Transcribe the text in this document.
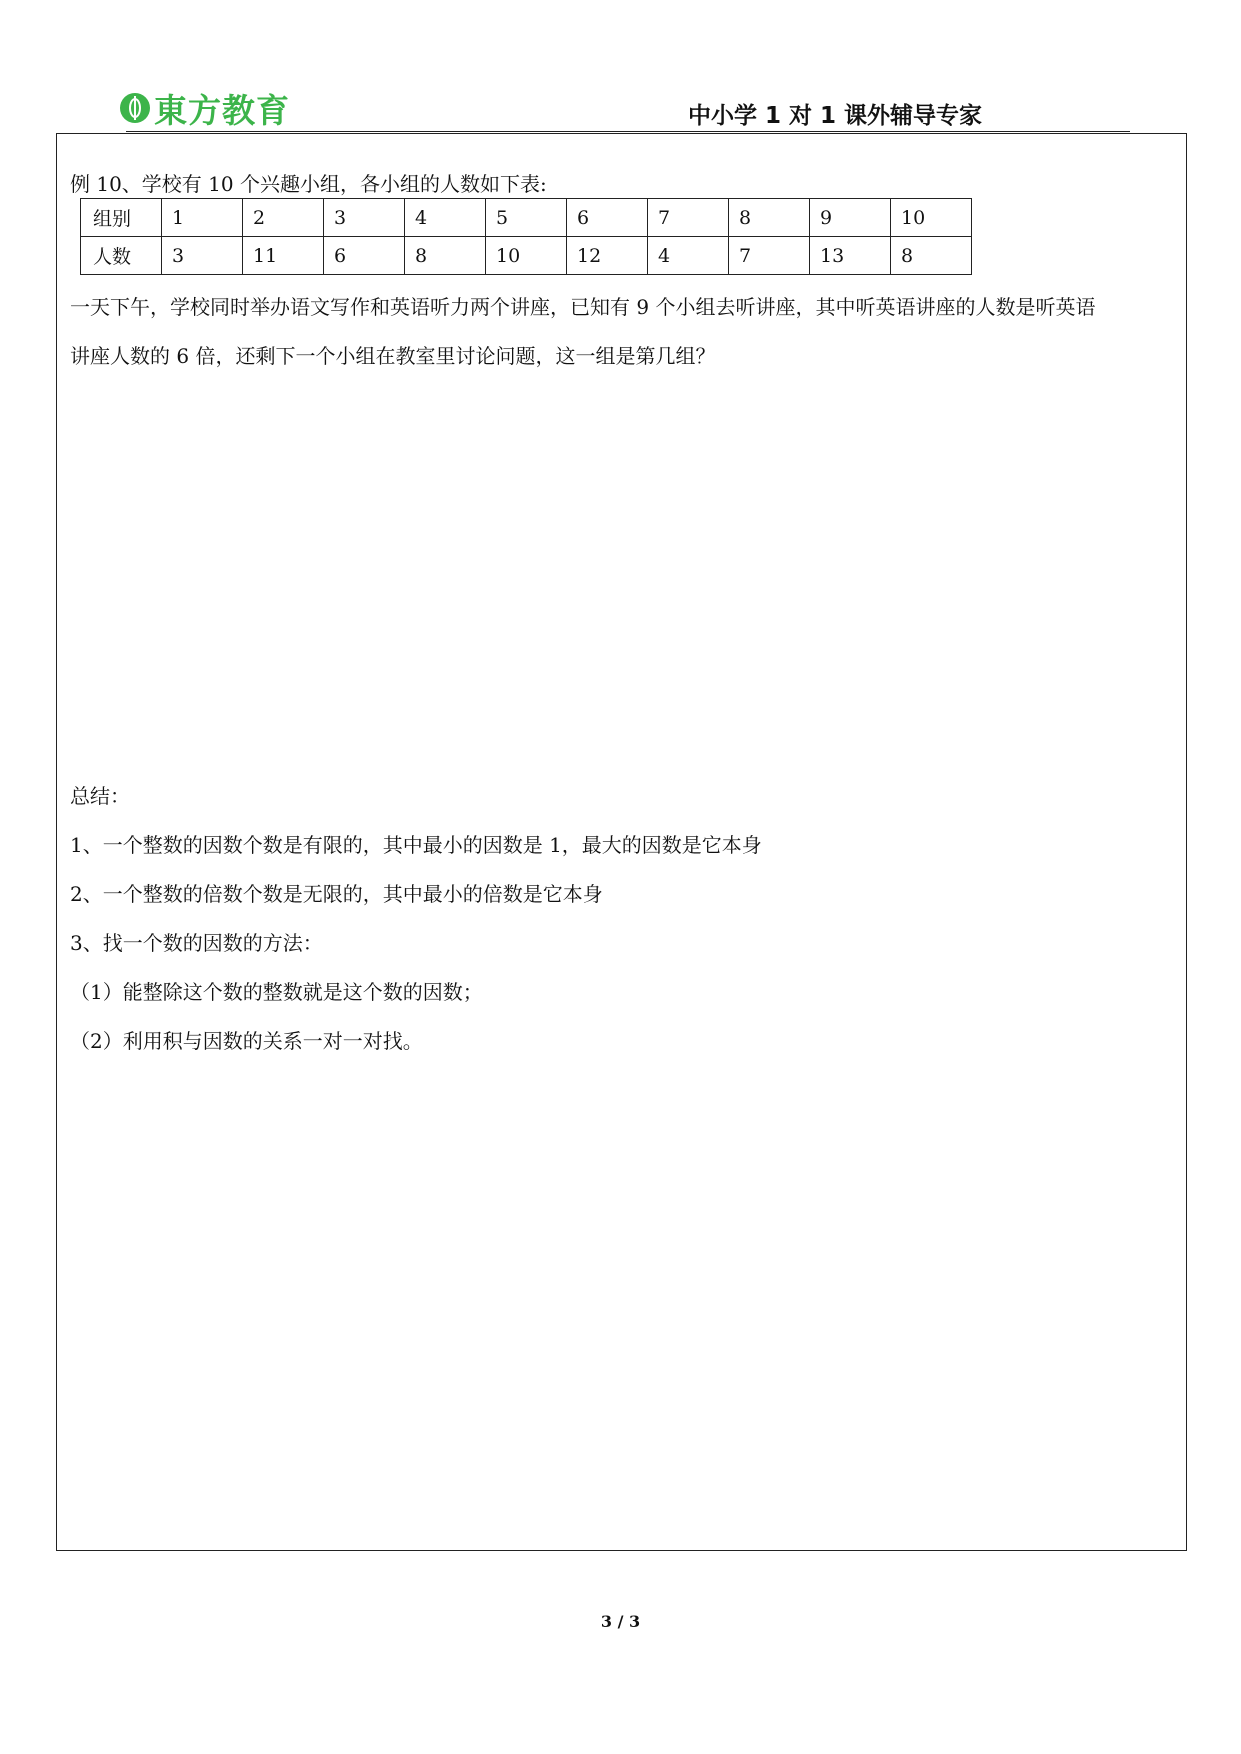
東方教育	中小学 1 对 1 课外辅导专家
例 10、学校有 10 个兴趣小组，各小组的人数如下表:
组别	1	2	3	4	5	6	7	8	9	10
人数	3	11	6	8	10	12	4	7	13	8
一天下午，学校同时举办语文写作和英语听力两个讲座，已知有 9 个小组去听讲座，其中听英语讲座的人数是听英语
讲座人数的 6 倍，还剩下一个小组在教室里讨论问题，这一组是第几组？
总结：
1、一个整数的因数个数是有限的，其中最小的因数是 1，最大的因数是它本身
2、一个整数的倍数个数是无限的，其中最小的倍数是它本身
3、找一个数的因数的方法：
（1）能整除这个数的整数就是这个数的因数；
（2）利用积与因数的关系一对一对找。
3 / 3
